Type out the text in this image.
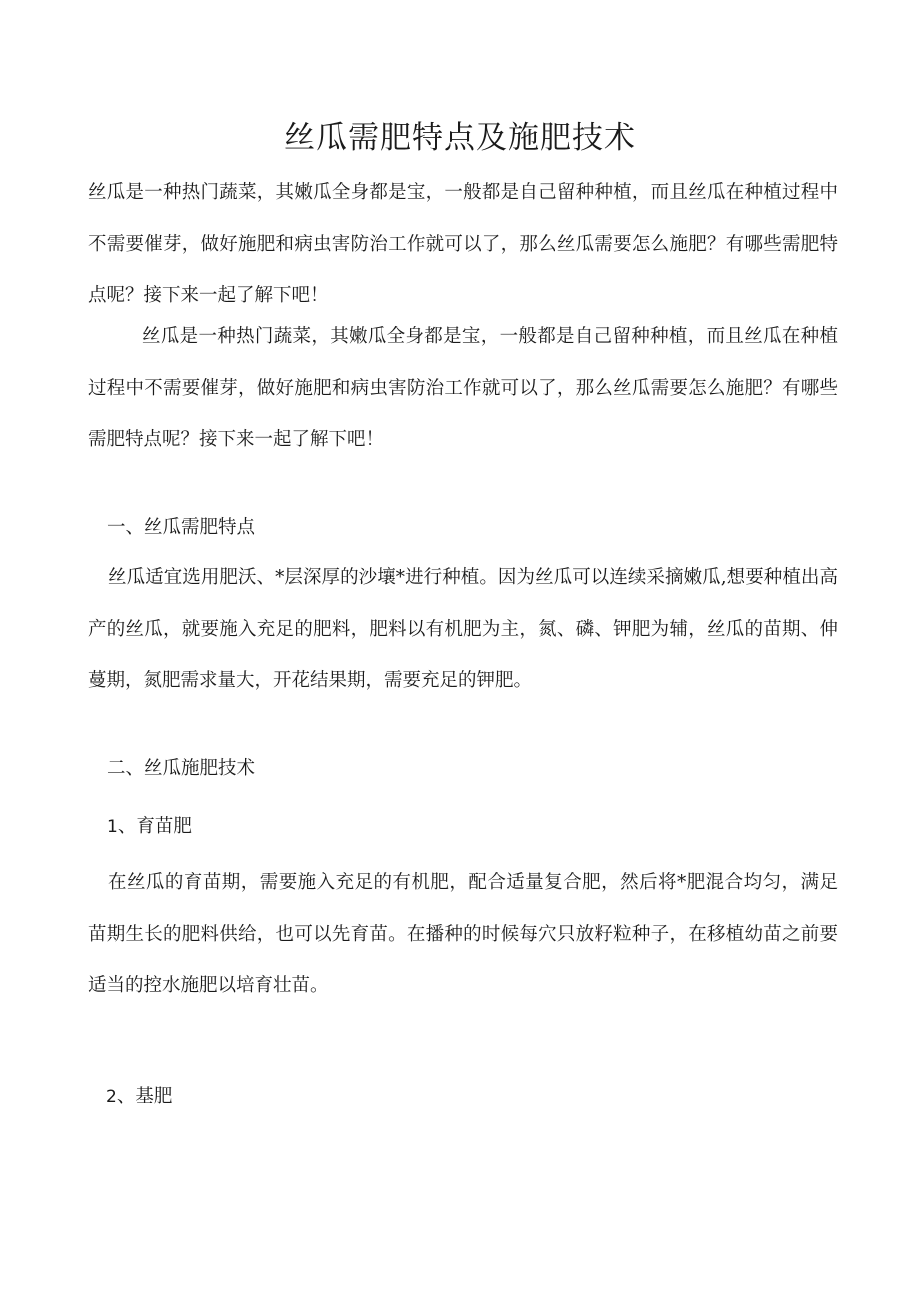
丝瓜需肥特点及施肥技术

丝瓜是一种热门蔬菜，其嫩瓜全身都是宝，一般都是自己留种种植，而且丝瓜在种植过程中不需要催芽，做好施肥和病虫害防治工作就可以了，那么丝瓜需要怎么施肥？有哪些需肥特点呢？接下来一起了解下吧！

丝瓜是一种热门蔬菜，其嫩瓜全身都是宝，一般都是自己留种种植，而且丝瓜在种植过程中不需要催芽，做好施肥和病虫害防治工作就可以了，那么丝瓜需要怎么施肥？有哪些需肥特点呢？接下来一起了解下吧！

一、丝瓜需肥特点

丝瓜适宜选用肥沃、*层深厚的沙壤*进行种植。因为丝瓜可以连续采摘嫩瓜,想要种植出高产的丝瓜，就要施入充足的肥料，肥料以有机肥为主，氮、磷、钾肥为辅，丝瓜的苗期、伸蔓期，氮肥需求量大，开花结果期，需要充足的钾肥。

二、丝瓜施肥技术
1、育苗肥

在丝瓜的育苗期，需要施入充足的有机肥，配合适量复合肥，然后将*肥混合均匀，满足苗期生长的肥料供给，也可以先育苗。在播种的时候每穴只放籽粒种子，在移植幼苗之前要适当的控水施肥以培育壮苗。

2、基肥
